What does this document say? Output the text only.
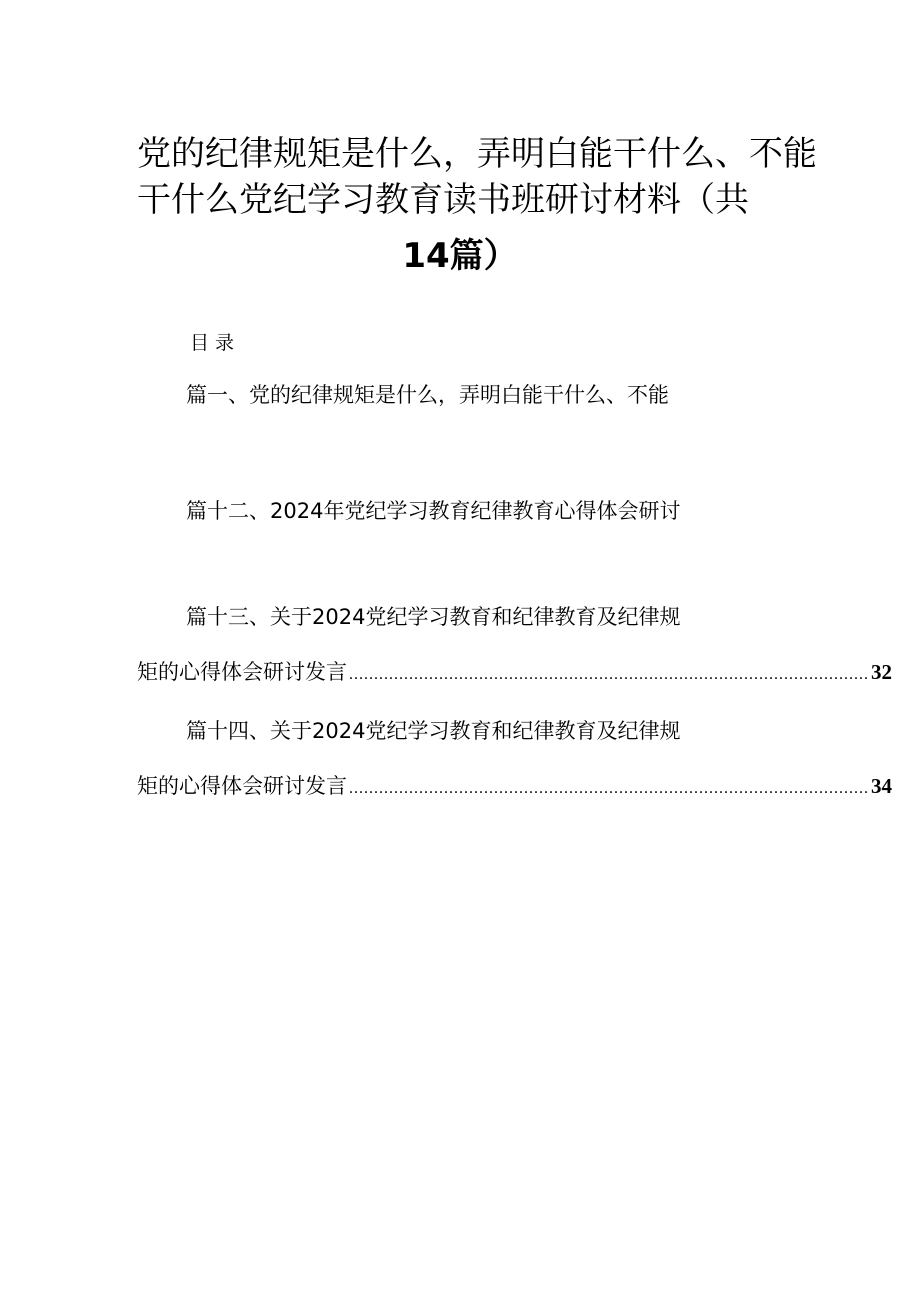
党的纪律规矩是什么，弄明白能干什么、不能
干什么党纪学习教育读书班研讨材料（共
14篇）
目录
篇一、党的纪律规矩是什么，弄明白能干什么、不能
篇十二、2024年党纪学习教育纪律教育心得体会研讨
篇十三、关于2024党纪学习教育和纪律教育及纪律规
矩的心得体会研讨发言 ........................................................................................................ 32
篇十四、关于2024党纪学习教育和纪律教育及纪律规
矩的心得体会研讨发言 ........................................................................................................ 34
